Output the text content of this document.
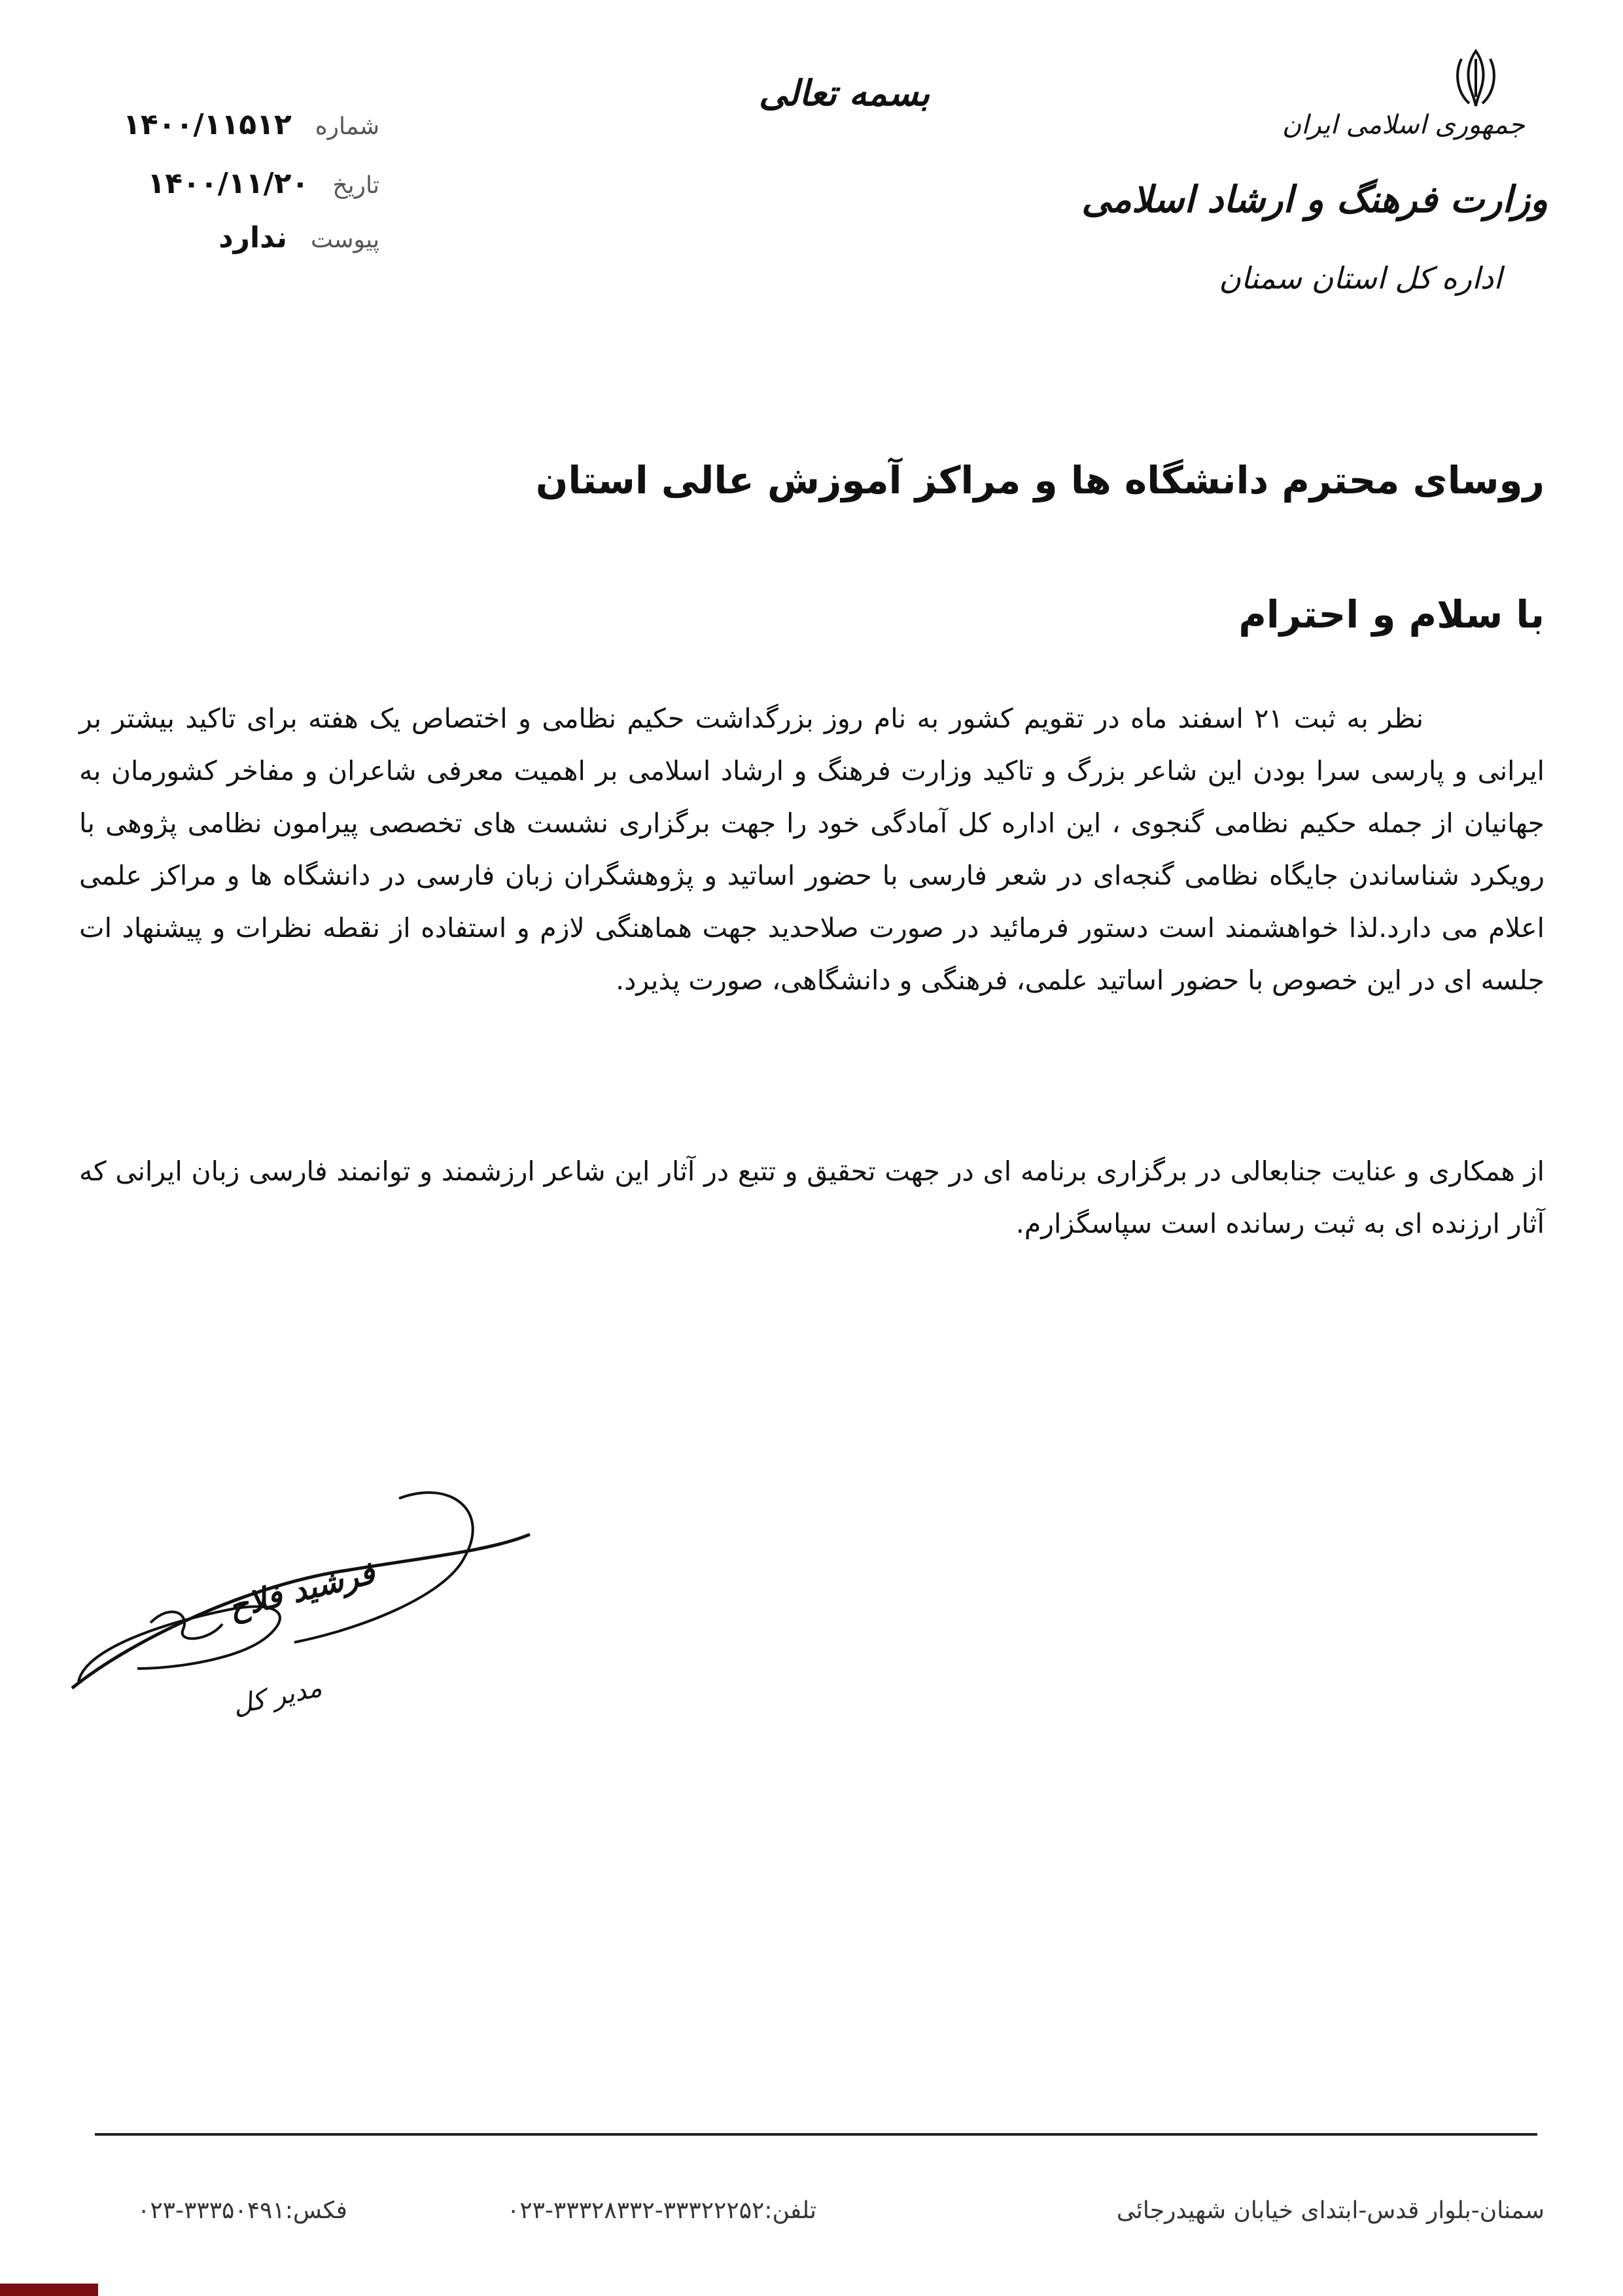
جمهوری اسلامی ایران
وزارت فرهنگ و ارشاد اسلامی
اداره کل استان سمنان
بسمه تعالی
شماره
۱۴۰۰/۱۱۵۱۲
تاریخ
۱۴۰۰/۱۱/۲۰
پیوست
ندارد
روسای محترم دانشگاه ها و مراکز آموزش عالی استان
با سلام و احترام

نظر به ثبت ۲۱ اسفند ماه در تقویم کشور به نام روز بزرگداشت حکیم نظامی و اختصاص یک هفته برای تاکید بیشتر بر ایرانی و پارسی سرا بودن این شاعر بزرگ و تاکید وزارت فرهنگ و ارشاد اسلامی بر اهمیت معرفی شاعران و مفاخر کشورمان به جهانیان از جمله حکیم نظامی گنجوی ، این اداره کل آمادگی خود را جهت برگزاری نشست های تخصصی پیرامون نظامی پژوهی با رویکرد شناساندن جایگاه نظامی گنجه‌ای در شعر فارسی با حضور اساتید و پژوهشگران زبان فارسی در دانشگاه ها و مراکز علمی اعلام می دارد.لذا خواهشمند است دستور فرمائید در صورت صلاحدید جهت هماهنگی لازم و استفاده از نقطه نظرات و پیشنهاد ات جلسه ای در این خصوص با حضور اساتید علمی، فرهنگی و دانشگاهی، صورت پذیرد.

از همکاری و عنایت جنابعالی در برگزاری برنامه ای در جهت تحقیق و تتبع در آثار این شاعر ارزشمند و توانمند فارسی زبان ایرانی که آثار ارزنده ای به ثبت رسانده است سپاسگزارم.

فرشید فلاح
مدیر کل
سمنان-بلوار قدس-ابتدای خیابان شهیدرجائی
تلفن:۳۳۳۲۲۲۵۲-۳۳۳۲۸۳۳۲-۰۲۳
فکس:۳۳۳۵۰۴۹۱-۰۲۳
